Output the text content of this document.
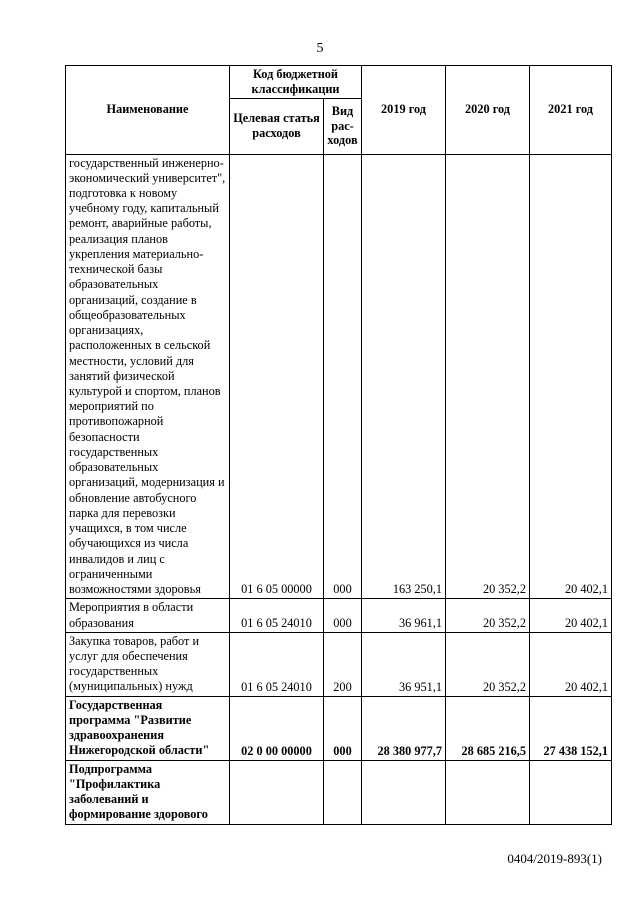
5
Наименование	Код бюджетной классификации		2019 год	2020 год	2021 год
	Целевая статья расходов	Вид рас-ходов			
государственный инженерно-экономический университет", подготовка к новому учебному году, капитальный ремонт, аварийные работы, реализация планов укрепления материально-технической базы образовательных организаций, создание в общеобразовательных организациях, расположенных в сельской местности, условий для занятий физической культурой и спортом, планов мероприятий по противопожарной безопасности государственных образовательных организаций, модернизация и обновление автобусного парка для перевозки учащихся, в том числе обучающихся из числа инвалидов и лиц с ограниченными возможностями здоровья	01 6 05 00000	000	163 250,1	20 352,2	20 402,1
Мероприятия в области образования	01 6 05 24010	000	36 961,1	20 352,2	20 402,1
Закупка товаров, работ и услуг для обеспечения государственных (муниципальных) нужд	01 6 05 24010	200	36 951,1	20 352,2	20 402,1
Государственная программа "Развитие здравоохранения Нижегородской области"	02 0 00 00000	000	28 380 977,7	28 685 216,5	27 438 152,1
Подпрограмма "Профилактика заболеваний и формирование здорового					
0404/2019-893(1)
